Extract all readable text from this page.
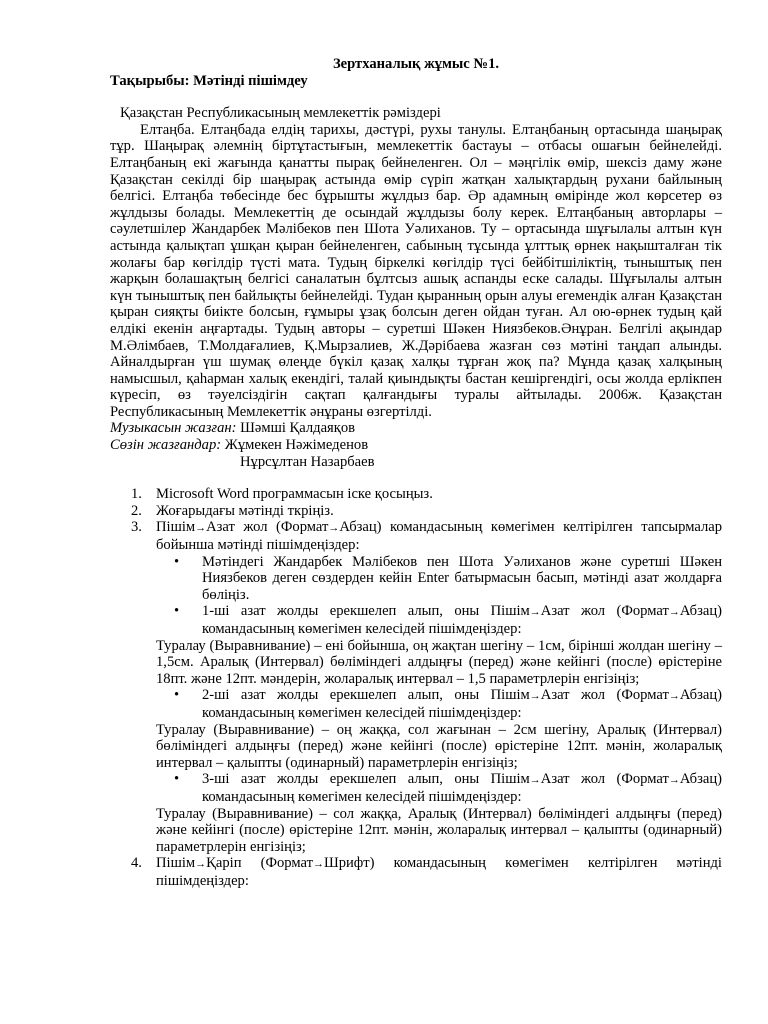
Зертханалық жұмыс №1.
Тақырыбы: Мәтінді пішімдеу

Қазақстан Республикасының мемлекеттік рәміздері

Елтаңба. Елтаңбада елдің тарихы, дәстүрі, рухы танулы. Елтаңбаның ортасында шаңырақ тұр. Шаңырақ әлемнің біртұтастығын, мемлекеттік бастауы – отбасы ошағын бейнелейді. Елтаңбаның екі жағында қанатты пырақ бейнеленген. Ол – мәңгілік өмір, шексіз даму және Қазақстан секілді бір шаңырақ астында өмір сүріп жатқан халықтардың рухани байлының белгісі. Елтаңба төбесінде бес бұрышты жұлдыз бар. Әр адамның өмірінде жол көрсетер өз жұлдызы болады. Мемлекеттің де осындай жұлдызы болу керек. Елтаңбаның авторлары – сәулетшілер Жандарбек Мәлібеков пен Шота Уәлиханов. Ту – ортасында шұғылалы алтын күн астында қалықтап ұшқан қыран бейнеленген, сабының тұсында ұлттық өрнек нақышталған тік жолағы бар көгілдір түсті мата. Тудың біркелкі көгілдір түсі бейбітшіліктің, тыныштық пен жарқын болашақтың белгісі саналатын бұлтсыз ашық аспанды еске салады. Шұғылалы алтын күн тыныштық пен байлықты бейнелейді. Тудан қыранның орын алуы егемендік алған Қазақстан қыран сияқты биікте болсын, ғұмыры ұзақ болсын деген ойдан туған. Ал ою-өрнек тудың қай елдікі екенін аңғартады. Тудың авторы – суретші Шәкен Ниязбеков.Әнұран. Белгілі ақындар М.Әлімбаев, Т.Молдағалиев, Қ.Мырзалиев, Ж.Дәрібаева жазған сөз мәтіні таңдап алынды. Айналдырған үш шумақ өлеңде бүкіл қазақ халқы тұрған жоқ па? Мұнда қазақ халқының намысшыл, қаһарман халық екендігі, талай қиындықты бастан кешіргендігі, осы жолда ерлікпен күресіп, өз тәуелсіздігін сақтап қалғандығы туралы айтылады. 2006ж. Қазақстан Республикасының Мемлекеттік әнұраны өзгертілді.

Музыкасын жазған: Шәмші Қалдаяқов

Сөзін жазғандар: Жұмекен Нәжімеденов

Нұрсұлтан Назарбаев

1. Microsoft Word программасын іске қосыңыз.
2. Жоғарыдағы мәтінді ткріңіз.
3. Пішім→Азат жол (Формат→Абзац) командасының көмегімен келтірілген тапсырмалар бойынша мәтінді пішімдеңіздер:
• Мәтіндегі Жандарбек Мәлібеков пен Шота Уәлиханов және суретші Шәкен Ниязбеков деген сөздерден кейін Enter батырмасын басып, мәтінді азат жолдарға бөліңіз.
• 1-ші азат жолды ерекшелеп алып, оны Пішім→Азат жол (Формат→Абзац) командасының көмегімен келесідей пішімдеңіздер:

Туралау (Выравнивание) – ені бойынша, оң жақтан шегіну – 1см, бірінші жолдан шегіну – 1,5см. Аралық (Интервал) бөліміндегі алдыңғы (перед) және кейінгі (после) өрістеріне 18пт. және 12пт. мәндерін, жоларалық интервал – 1,5 параметрлерін енгізіңіз;

• 2-ші азат жолды ерекшелеп алып, оны Пішім→Азат жол (Формат→Абзац) командасының көмегімен келесідей пішімдеңіздер:

Туралау (Выравнивание) – оң жаққа, сол жағынан – 2см шегіну, Аралық (Интервал) бөліміндегі алдыңғы (перед) және кейінгі (после) өрістеріне 12пт. мәнін, жоларалық интервал – қалыпты (одинарный) параметрлерін енгізіңіз;

• 3-ші азат жолды ерекшелеп алып, оны Пішім→Азат жол (Формат→Абзац) командасының көмегімен келесідей пішімдеңіздер:

Туралау (Выравнивание) – сол жаққа, Аралық (Интервал) бөліміндегі алдыңғы (перед) және кейінгі (после) өрістеріне 12пт. мәнін, жоларалық интервал – қалыпты (одинарный) параметрлерін енгізіңіз;

4. Пішім→Қаріп (Формат→Шрифт) командасының көмегімен келтірілген мәтінді пішімдеңіздер:
